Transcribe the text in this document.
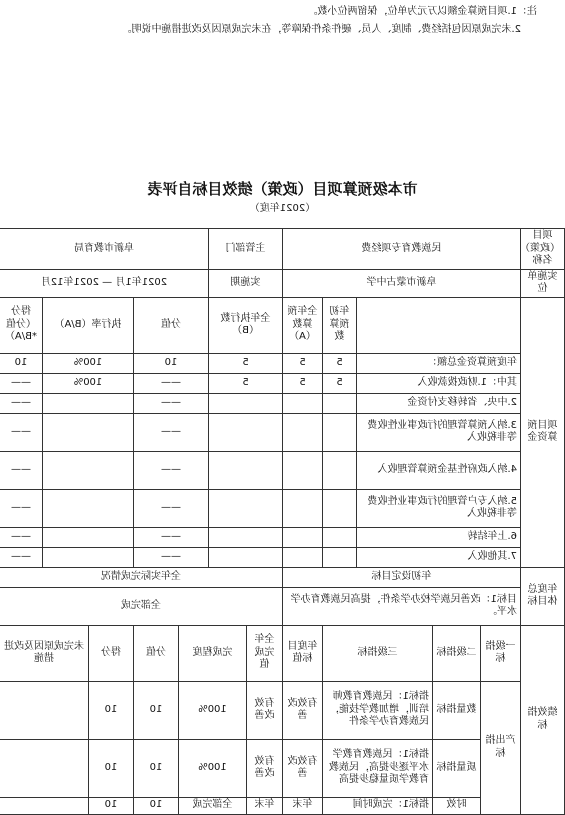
注：1.项目预算金额以万元为单位，保留两位小数。
2.未完成原因包括经费、制度、人员、硬件条件保障等，在未完成原因及改进措施中说明。
市本级预算项目（政策）绩效目标自评表
（2021年度）
项目（政策）名称	民族教育专项经费					主管部门		阜新市教育局				
实施单位	阜新市蒙古中学					实施期		2021年1月 — 2021年12月				
项目预算资金				年初预算数	全年预算数（A）	全年执行数（B）		分值		执行率（B/A）		得分（分值*B/A）
	年度预算资金总额：			5	5	5		10		100%		10
	其中：1.财政拨款收入			5	5	5		——		100%		——
	2.中央、省转移支付资金							——				——
	3.纳入预算管理的行政事业性收费等非税收入							——				——
	4.纳入政府性基金预算管理收入							——				——
	5.纳入专户管理的行政事业性收费等非税收入							——				——
	6.上年结转							——				——
	7.其他收入							——				——
年度总体目标	年初设定目标					全年实际完成情况						
	目标1：改善民族学校办学条件，提高民族教育办学水平。					全部完成						
绩效指标	一级指标	二级指标	三级指标		年度目标值	全年完成值	完成程度		分值	得分	未完成原因及改进措施	
	产出指标	数量指标	指标1：民族教育教师培训，增加教学技能，民族教育办学条件		有效改善	有效改善	100%		10	10		
		质量指标	指标1：民族教育教学水平逐步提高，民族教育教学质量稳步提高		有效改善	有效改善	100%		10	10		
		时效	指标1：完成时间		年末	年末	全部完成		10	10		
